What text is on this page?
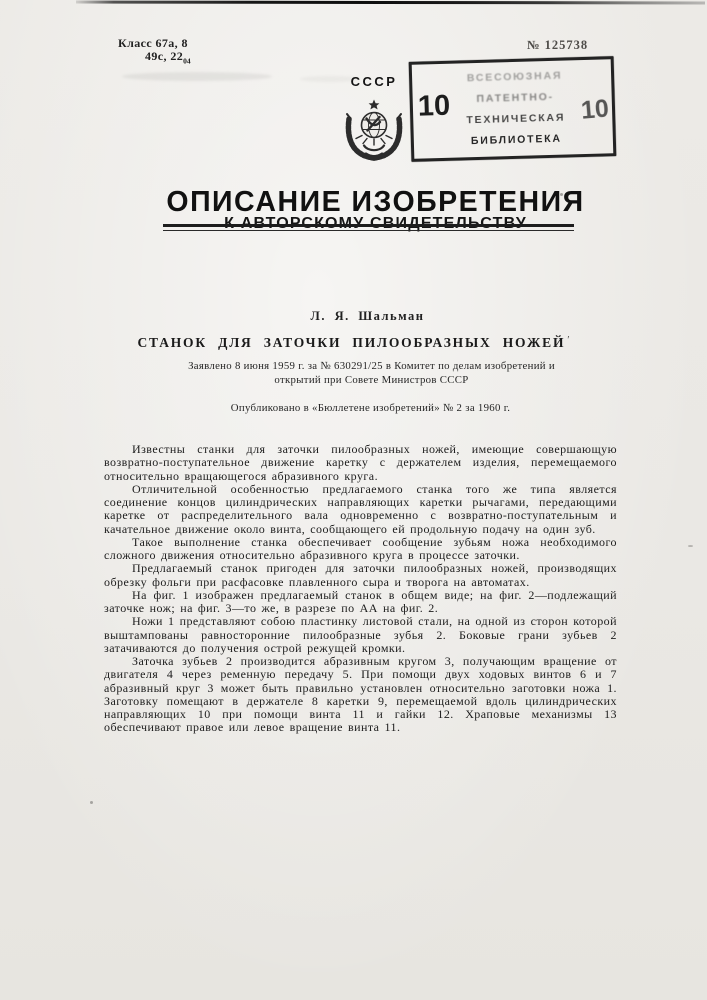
Класс 67а, 8
49с, $22_{04}$
№ 125738
СССР
10
ВСЕСОЮЗНАЯ
ПАТЕНТНО-
ТЕХНИЧЕСКАЯ
БИБЛИОТЕКА
10
ОПИСАНИЕ ИЗОБРЕТЕНИЯ
К АВТОРСКОМУ СВИДЕТЕЛЬСТВУ
Л. Я. Шальман
СТАНОК ДЛЯ ЗАТОЧКИ ПИЛООБРАЗНЫХ НОЖЕЙ ′
Заявлено 8 июня 1959 г. за № 630291/25 в Комитет по делам изобретений и
открытий при Совете Министров СССР
Опубликовано в «Бюллетене изобретений» № 2 за 1960 г.

Известны станки для заточки пилообразных ножей, имеющие совершающую возвратно-поступательное движение каретку с держателем изделия, перемещаемого относительно вращающегося абразивного круга.

Отличительной особенностью предлагаемого станка того же типа является соединение концов цилиндрических направляющих каретки рычагами, передающими каретке от распределительного вала одновременно с возвратно-поступательным и качательное движение около винта, сообщающего ей продольную подачу на один зуб.

Такое выполнение станка обеспечивает сообщение зубьям ножа необходимого сложного движения относительно абразивного круга в процессе заточки.

Предлагаемый станок пригоден для заточки пилообразных ножей, производящих обрезку фольги при расфасовке плавленного сыра и творога на автоматах.

На фиг. 1 изображен предлагаемый станок в общем виде; на фиг. 2—подлежащий заточке нож; на фиг. 3—то же, в разрезе по АА на фиг. 2.

Ножи 1 представляют собою пластинку листовой стали, на одной из сторон которой выштампованы равносторонние пилообразные зубья 2. Боковые грани зубьев 2 затачиваются до получения острой режущей кромки.

Заточка зубьев 2 производится абразивным кругом 3, получающим вращение от двигателя 4 через ременную передачу 5. При помощи двух ходовых винтов 6 и 7 абразивный круг 3 может быть правильно установлен относительно заготовки ножа 1. Заготовку помещают в держателе 8 каретки 9, перемещаемой вдоль цилиндрических направляющих 10 при помощи винта 11 и гайки 12. Храповые механизмы 13 обеспечивают правое или левое вращение винта 11.
